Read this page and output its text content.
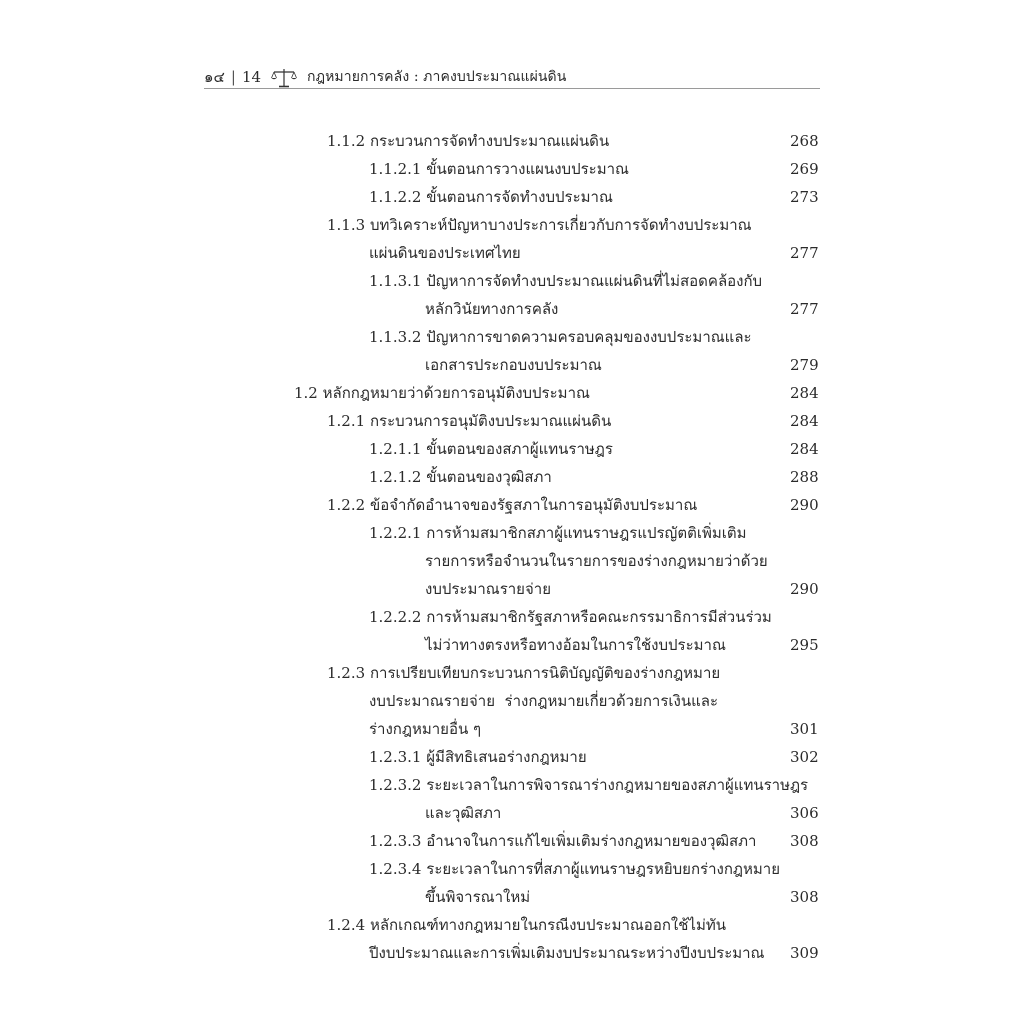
๑๔ | 14	กฎหมายการคลัง : ภาคงบประมาณแผ่นดิน
1.1.2 กระบวนการจัดทำงบประมาณแผ่นดิน	268
1.1.2.1 ขั้นตอนการวางแผนงบประมาณ	269
1.1.2.2 ขั้นตอนการจัดทำงบประมาณ	273
1.1.3 บทวิเคราะห์ปัญหาบางประการเกี่ยวกับการจัดทำงบประมาณ
แผ่นดินของประเทศไทย	277
1.1.3.1 ปัญหาการจัดทำงบประมาณแผ่นดินที่ไม่สอดคล้องกับ
หลักวินัยทางการคลัง	277
1.1.3.2 ปัญหาการขาดความครอบคลุมของงบประมาณและ
เอกสารประกอบงบประมาณ	279
1.2 หลักกฎหมายว่าด้วยการอนุมัติงบประมาณ	284
1.2.1 กระบวนการอนุมัติงบประมาณแผ่นดิน	284
1.2.1.1 ขั้นตอนของสภาผู้แทนราษฎร	284
1.2.1.2 ขั้นตอนของวุฒิสภา	288
1.2.2 ข้อจำกัดอำนาจของรัฐสภาในการอนุมัติงบประมาณ	290
1.2.2.1 การห้ามสมาชิกสภาผู้แทนราษฎรแปรญัตติเพิ่มเติม
รายการหรือจำนวนในรายการของร่างกฎหมายว่าด้วย
งบประมาณรายจ่าย	290
1.2.2.2 การห้ามสมาชิกรัฐสภาหรือคณะกรรมาธิการมีส่วนร่วม
ไม่ว่าทางตรงหรือทางอ้อมในการใช้งบประมาณ	295
1.2.3 การเปรียบเทียบกระบวนการนิติบัญญัติของร่างกฎหมาย
งบประมาณรายจ่าย  ร่างกฎหมายเกี่ยวด้วยการเงินและ
ร่างกฎหมายอื่น ๆ	301
1.2.3.1 ผู้มีสิทธิเสนอร่างกฎหมาย	302
1.2.3.2 ระยะเวลาในการพิจารณาร่างกฎหมายของสภาผู้แทนราษฎร
และวุฒิสภา	306
1.2.3.3 อำนาจในการแก้ไขเพิ่มเติมร่างกฎหมายของวุฒิสภา 308
1.2.3.4 ระยะเวลาในการที่สภาผู้แทนราษฎรหยิบยกร่างกฎหมาย
ขึ้นพิจารณาใหม่	308
1.2.4 หลักเกณฑ์ทางกฎหมายในกรณีงบประมาณออกใช้ไม่ทัน
ปีงบประมาณและการเพิ่มเติมงบประมาณระหว่างปีงบประมาณ 309
